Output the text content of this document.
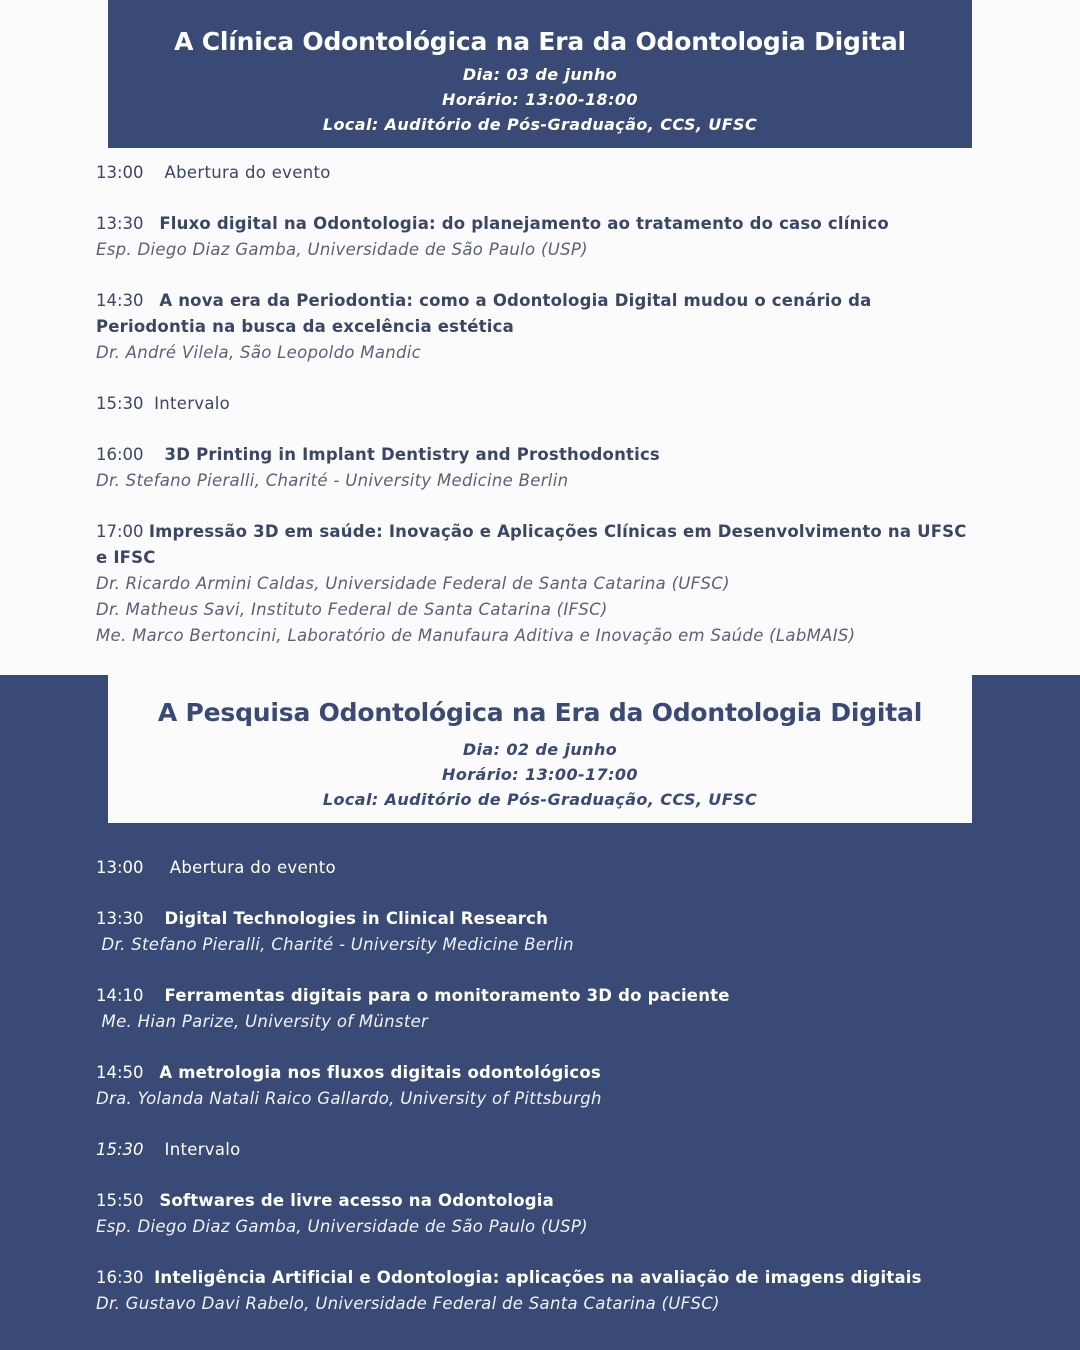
A Clínica Odontológica na Era da Odontologia Digital
Dia: 03 de junho
Horário: 13:00-18:00
Local: Auditório de Pós-Graduação, CCS, UFSC
13:00 Abertura do evento
13:30 Fluxo digital na Odontologia: do planejamento ao tratamento do caso clínico
Esp. Diego Diaz Gamba, Universidade de São Paulo (USP)
14:30 A nova era da Periodontia: como a Odontologia Digital mudou o cenário da
Periodontia na busca da excelência estética
Dr. André Vilela, São Leopoldo Mandic
15:30 Intervalo
16:00 3D Printing in Implant Dentistry and Prosthodontics
Dr. Stefano Pieralli, Charité - University Medicine Berlin
17:00 Impressão 3D em saúde: Inovação e Aplicações Clínicas em Desenvolvimento na UFSC
e IFSC
Dr. Ricardo Armini Caldas, Universidade Federal de Santa Catarina (UFSC)
Dr. Matheus Savi, Instituto Federal de Santa Catarina (IFSC)
Me. Marco Bertoncini, Laboratório de Manufaura Aditiva e Inovação em Saúde (LabMAIS)
A Pesquisa Odontológica na Era da Odontologia Digital
Dia: 02 de junho
Horário: 13:00-17:00
Local: Auditório de Pós-Graduação, CCS, UFSC
13:00 Abertura do evento
13:30 Digital Technologies in Clinical Research
Dr. Stefano Pieralli, Charité - University Medicine Berlin
14:10 Ferramentas digitais para o monitoramento 3D do paciente
Me. Hian Parize, University of Münster
14:50 A metrologia nos fluxos digitais odontológicos
Dra. Yolanda Natali Raico Gallardo, University of Pittsburgh
15:30 Intervalo
15:50 Softwares de livre acesso na Odontologia
Esp. Diego Diaz Gamba, Universidade de São Paulo (USP)
16:30 Inteligência Artificial e Odontologia: aplicações na avaliação de imagens digitais
Dr. Gustavo Davi Rabelo, Universidade Federal de Santa Catarina (UFSC)
